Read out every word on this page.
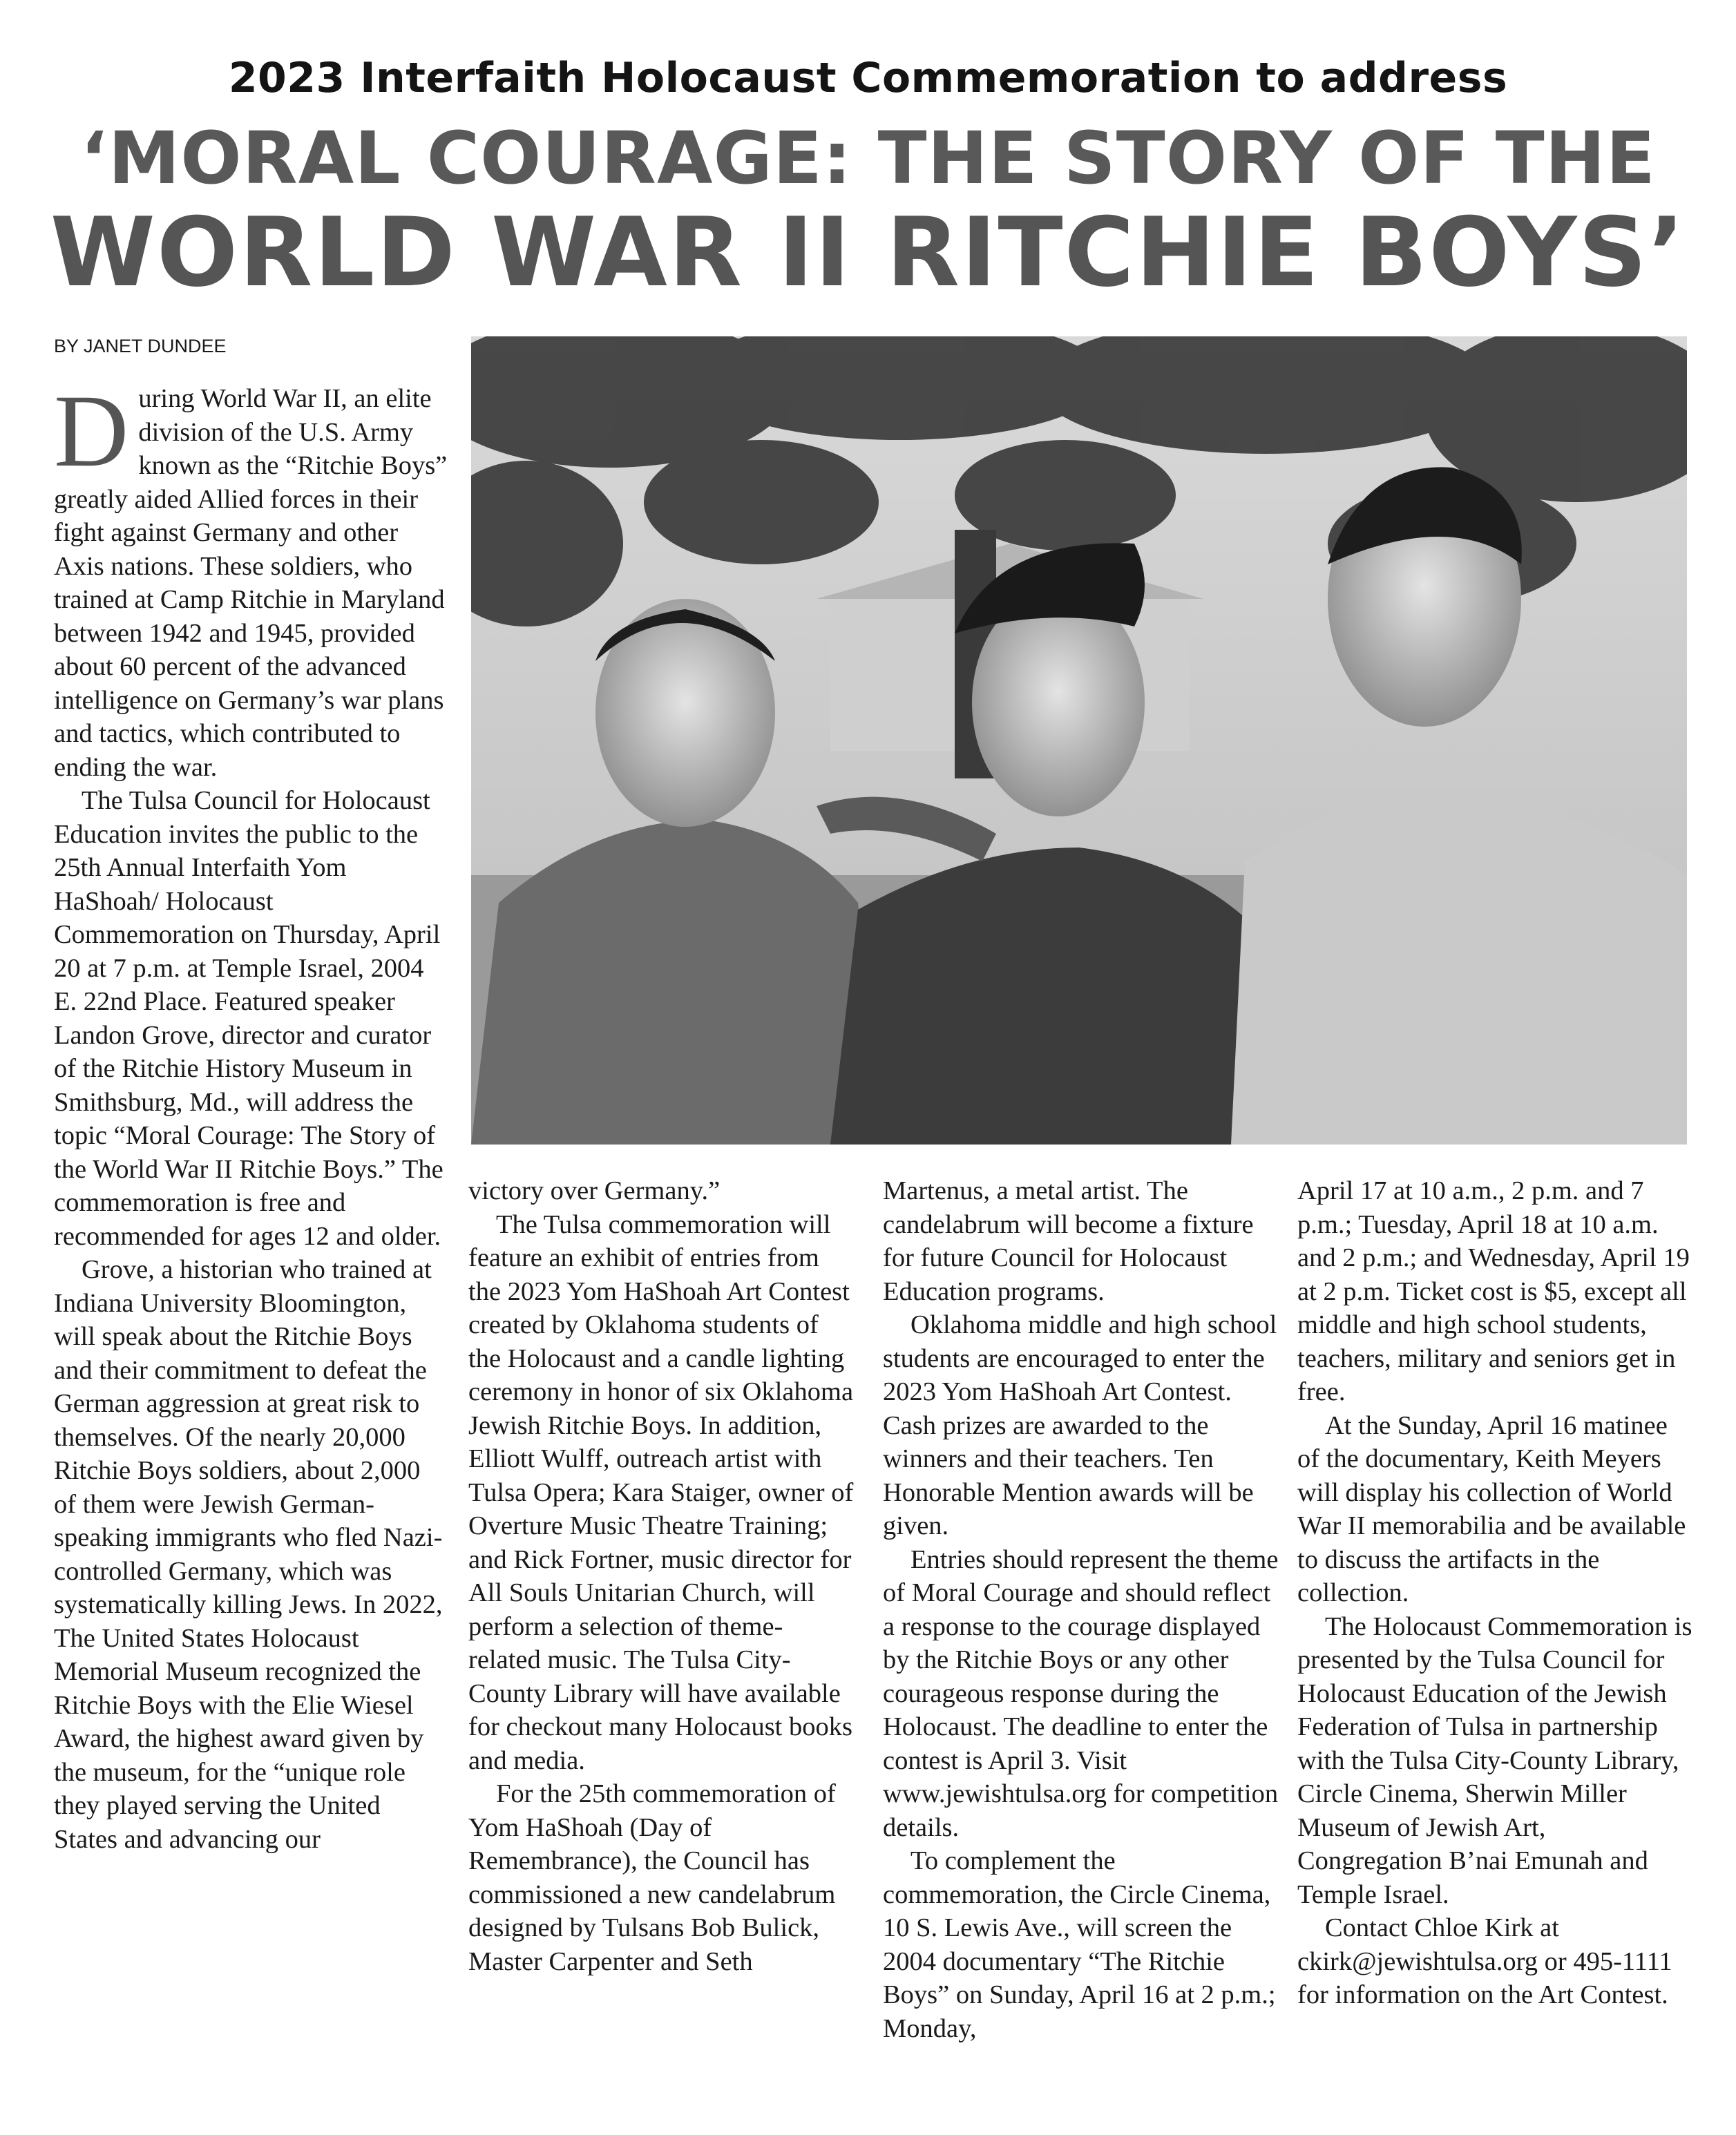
2023 Interfaith Holocaust Commemoration to address
‘MORAL COURAGE: THE STORY OF THE
WORLD WAR II RITCHIE BOYS’
BY JANET DUNDEE

During World War II, an elite division of the U.S. Army known as the “Ritchie Boys” greatly aided Allied forces in their fight against Germany and other Axis nations. These soldiers, who trained at Camp Ritchie in Maryland between 1942 and 1945, provided about 60 percent of the advanced intelligence on Germany’s war plans and tactics, which contributed to ending the war.

The Tulsa Council for Holocaust Education invites the public to the 25th Annual Interfaith Yom HaShoah/ Holocaust Commemoration on Thursday, April 20 at 7 p.m. at Temple Israel, 2004 E. 22nd Place. Featured speaker Landon Grove, director and curator of the Ritchie History Museum in Smithsburg, Md., will address the topic “Moral Courage: The Story of the World War II Ritchie Boys.” The commemoration is free and recommended for ages 12 and older.

Grove, a historian who trained at Indiana University Bloomington, will speak about the Ritchie Boys and their commitment to defeat the German aggression at great risk to themselves. Of the nearly 20,000 Ritchie Boys soldiers, about 2,000 of them were Jewish German-speaking immigrants who fled Nazi-controlled Germany, which was systematically killing Jews. In 2022, The United States Holocaust Memorial Museum recognized the Ritchie Boys with the Elie Wiesel Award, the highest award given by the museum, for the “unique role they played serving the United States and advancing our

victory over Germany.”

The Tulsa commemoration will feature an exhibit of entries from the 2023 Yom HaShoah Art Contest created by Oklahoma students of the Holocaust and a candle lighting ceremony in honor of six Oklahoma Jewish Ritchie Boys. In addition, Elliott Wulff, outreach artist with Tulsa Opera; Kara Staiger, owner of Overture Music Theatre Training; and Rick Fortner, music director for All Souls Unitarian Church, will perform a selection of theme-related music. The Tulsa City-County Library will have available for checkout many Holocaust books and media.

For the 25th commemoration of Yom HaShoah (Day of Remembrance), the Council has commissioned a new candelabrum designed by Tulsans Bob Bulick, Master Carpenter and Seth

Martenus, a metal artist. The candelabrum will become a fixture for future Council for Holocaust Education programs.

Oklahoma middle and high school students are encouraged to enter the 2023 Yom HaShoah Art Contest. Cash prizes are awarded to the winners and their teachers. Ten Honorable Mention awards will be given.

Entries should represent the theme of Moral Courage and should reflect a response to the courage displayed by the Ritchie Boys or any other courageous response during the Holocaust. The deadline to enter the contest is April 3. Visit www.jewishtulsa.org for competition details.

To complement the commemoration, the Circle Cinema, 10 S. Lewis Ave., will screen the 2004 documentary “The Ritchie Boys” on Sunday, April 16 at 2 p.m.; Monday,

April 17 at 10 a.m., 2 p.m. and 7 p.m.; Tuesday, April 18 at 10 a.m. and 2 p.m.; and Wednesday, April 19 at 2 p.m. Ticket cost is $5, except all middle and high school students, teachers, military and seniors get in free.

At the Sunday, April 16 matinee of the documentary, Keith Meyers will display his collection of World War II memorabilia and be available to discuss the artifacts in the collection.

The Holocaust Commemoration is presented by the Tulsa Council for Holocaust Education of the Jewish Federation of Tulsa in partnership with the Tulsa City-County Library, Circle Cinema, Sherwin Miller Museum of Jewish Art, Congregation B’nai Emunah and Temple Israel.

Contact Chloe Kirk at ckirk@jewishtulsa.org or 495-1111 for information on the Art Contest.
